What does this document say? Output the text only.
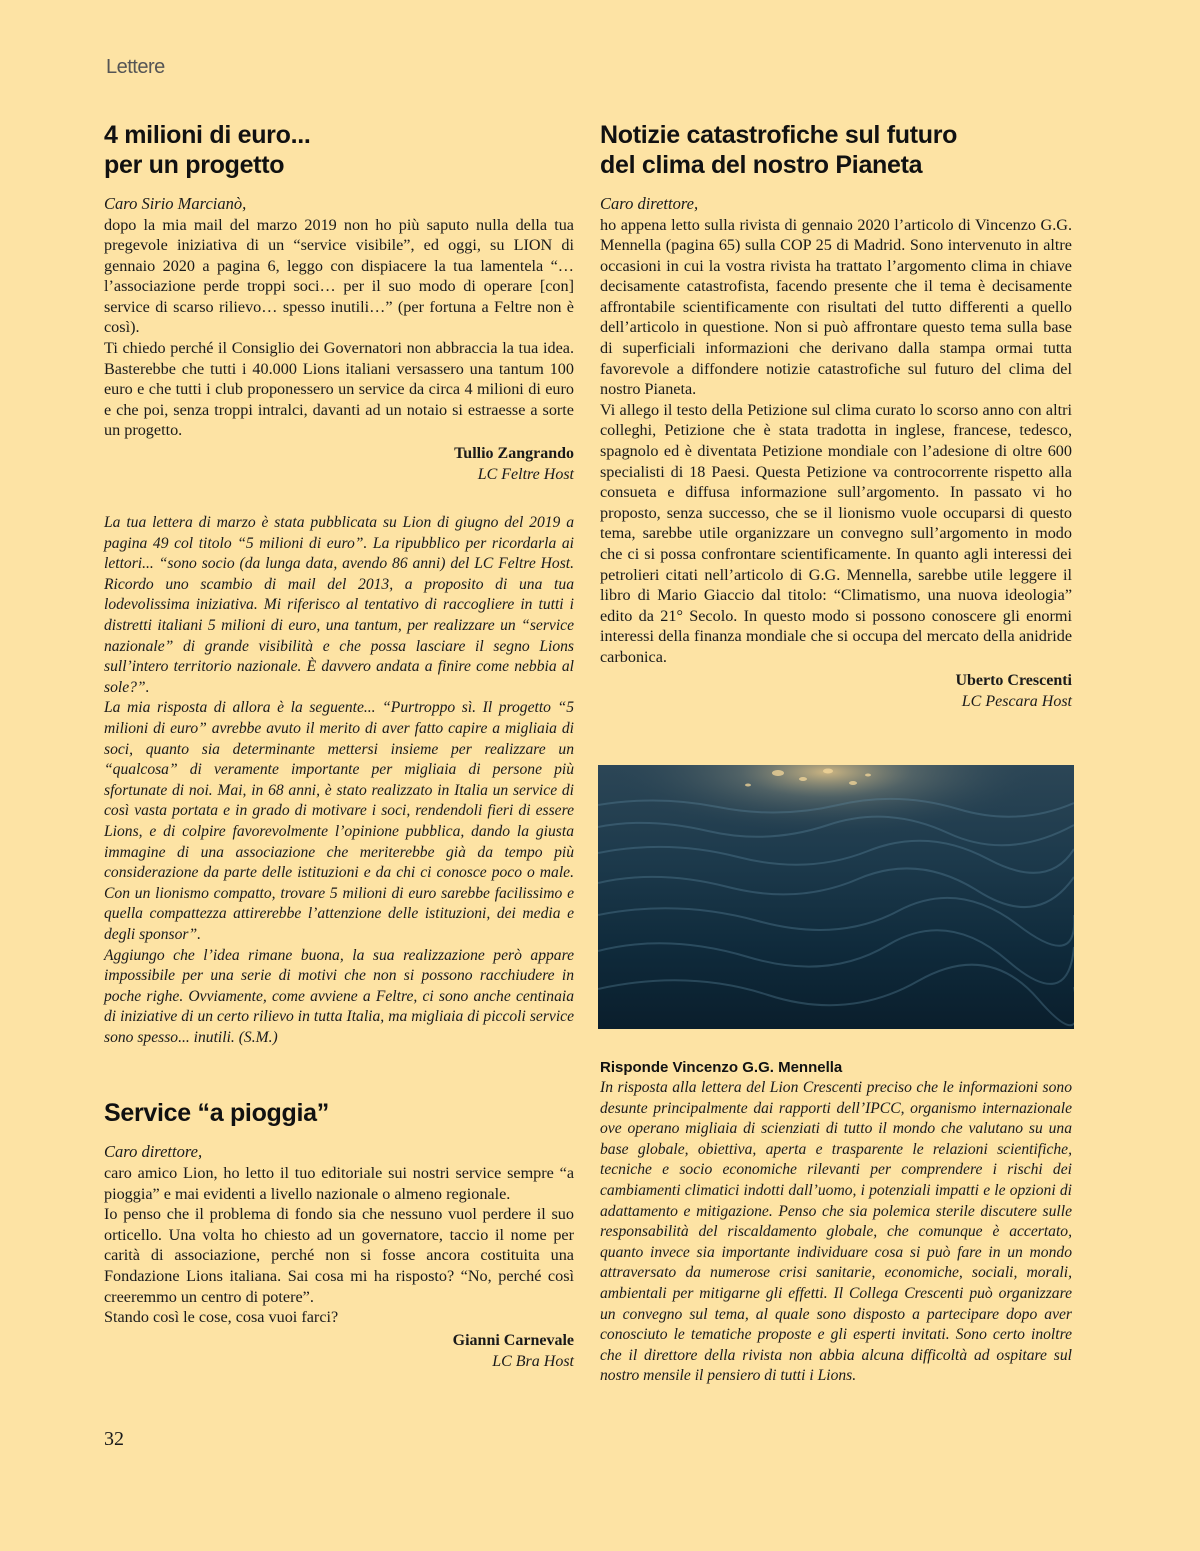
Lettere
4 milioni di euro...
per un progetto

Caro Sirio Marcianò,

dopo la mia mail del marzo 2019 non ho più saputo nulla della tua pregevole iniziativa di un “service visibile”, ed oggi, su LION di gennaio 2020 a pagina 6, leggo con dispiacere la tua lamentela “…l’associazione perde troppi soci… per il suo modo di operare [con] service di scarso rilievo… spesso inutili…” (per fortuna a Feltre non è così).
Ti chiedo perché il Consiglio dei Governatori non abbraccia la tua idea. Basterebbe che tutti i 40.000 Lions italiani versassero una tantum 100 euro e che tutti i club proponessero un service da circa 4 milioni di euro e che poi, senza troppi intralci, davanti ad un notaio si estraesse a sorte un progetto.

Tullio Zangrando

LC Feltre Host

La tua lettera di marzo è stata pubblicata su Lion di giugno del 2019 a pagina 49 col titolo “5 milioni di euro”. La ripubblico per ricordarla ai lettori... “sono socio (da lunga data, avendo 86 anni) del LC Feltre Host. Ricordo uno scambio di mail del 2013, a proposito di una tua lodevolissima iniziativa. Mi riferisco al tentativo di raccogliere in tutti i distretti italiani 5 milioni di euro, una tantum, per realizzare un “service nazionale” di grande visibilità e che possa lasciare il segno Lions sull’intero territorio nazionale. È davvero andata a finire come nebbia al sole?”.
La mia risposta di allora è la seguente... “Purtroppo sì. Il progetto “5 milioni di euro” avrebbe avuto il merito di aver fatto capire a migliaia di soci, quanto sia determinante mettersi insieme per realizzare un “qualcosa” di veramente importante per migliaia di persone più sfortunate di noi. Mai, in 68 anni, è stato realizzato in Italia un service di così vasta portata e in grado di motivare i soci, rendendoli fieri di essere Lions, e di colpire favorevolmente l’opinione pubblica, dando la giusta immagine di una associazione che meriterebbe già da tempo più considerazione da parte delle istituzioni e da chi ci conosce poco o male. Con un lionismo compatto, trovare 5 milioni di euro sarebbe facilissimo e quella compattezza attirerebbe l’attenzione delle istituzioni, dei media e degli sponsor”.
Aggiungo che l’idea rimane buona, la sua realizzazione però appare impossibile per una serie di motivi che non si possono racchiudere in poche righe. Ovviamente, come avviene a Feltre, ci sono anche centinaia di iniziative di un certo rilievo in tutta Italia, ma migliaia di piccoli service sono spesso... inutili. (S.M.)

Service “a pioggia”

Caro direttore,

caro amico Lion, ho letto il tuo editoriale sui nostri service sempre “a pioggia” e mai evidenti a livello nazionale o almeno regionale.
Io penso che il problema di fondo sia che nessuno vuol perdere il suo orticello. Una volta ho chiesto ad un governatore, taccio il nome per carità di associazione, perché non si fosse ancora costituita una Fondazione Lions italiana. Sai cosa mi ha risposto? “No, perché così creeremmo un centro di potere”.
Stando così le cose, cosa vuoi farci?

Gianni Carnevale

LC Bra Host

Notizie catastrofiche sul futuro
del clima del nostro Pianeta

Caro direttore,

ho appena letto sulla rivista di gennaio 2020 l’articolo di Vincenzo G.G. Mennella (pagina 65) sulla COP 25 di Madrid. Sono intervenuto in altre occasioni in cui la vostra rivista ha trattato l’argomento clima in chiave decisamente catastrofista, facendo presente che il tema è decisamente affrontabile scientificamente con risultati del tutto differenti a quello dell’articolo in questione. Non si può affrontare questo tema sulla base di superficiali informazioni che derivano dalla stampa ormai tutta favorevole a diffondere notizie catastrofiche sul futuro del clima del nostro Pianeta.
Vi allego il testo della Petizione sul clima curato lo scorso anno con altri colleghi, Petizione che è stata tradotta in inglese, francese, tedesco, spagnolo ed è diventata Petizione mondiale con l’adesione di oltre 600 specialisti di 18 Paesi. Questa Petizione va controcorrente rispetto alla consueta e diffusa informazione sull’argomento. In passato vi ho proposto, senza successo, che se il lionismo vuole occuparsi di questo tema, sarebbe utile organizzare un convegno sull’argomento in modo che ci si possa confrontare scientificamente. In quanto agli interessi dei petrolieri citati nell’articolo di G.G. Mennella, sarebbe utile leggere il libro di Mario Giaccio dal titolo: “Climatismo, una nuova ideologia” edito da 21° Secolo. In questo modo si possono conoscere gli enormi interessi della finanza mondiale che si occupa del mercato della anidride carbonica.

Uberto Crescenti

LC Pescara Host

Risponde Vincenzo G.G. Mennella

In risposta alla lettera del Lion Crescenti preciso che le informazioni sono desunte principalmente dai rapporti dell’IPCC, organismo internazionale ove operano migliaia di scienziati di tutto il mondo che valutano su una base globale, obiettiva, aperta e trasparente le relazioni scientifiche, tecniche e socio economiche rilevanti per comprendere i rischi dei cambiamenti climatici indotti dall’uomo, i potenziali impatti e le opzioni di adattamento e mitigazione. Penso che sia polemica sterile discutere sulle responsabilità del riscaldamento globale, che comunque è accertato, quanto invece sia importante individuare cosa si può fare in un mondo attraversato da numerose crisi sanitarie, economiche, sociali, morali, ambientali per mitigarne gli effetti. Il Collega Crescenti può organizzare un convegno sul tema, al quale sono disposto a partecipare dopo aver conosciuto le tematiche proposte e gli esperti invitati. Sono certo inoltre che il direttore della rivista non abbia alcuna difficoltà ad ospitare sul nostro mensile il pensiero di tutti i Lions.

32
